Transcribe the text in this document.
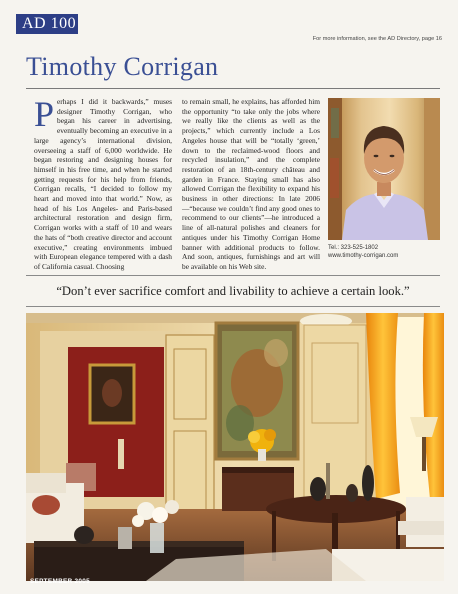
AD 100
For more information, see the AD Directory, page 16
Timothy Corrigan
Perhaps I did it backwards,” muses designer Timothy Corrigan, who began his career in advertising, eventually becoming an executive in a large agency’s international division, overseeing a staff of 6,000 worldwide. He began restoring and designing houses for himself in his free time, and when he started getting requests for his help from friends, Corrigan recalls, “I decided to follow my heart and moved into that world.” Now, as head of his Los Angeles- and Paris-based architectural restoration and design firm, Corrigan works with a staff of 10 and wears the hats of “both creative director and account executive,” creating environments imbued with European elegance tempered with a dash of California casual. Choosing
to remain small, he explains, has afforded him the opportunity “to take only the jobs where we really like the clients as well as the projects,” which currently include a Los Angeles house that will be “totally ‘green,’ down to the reclaimed-wood floors and recycled insulation,” and the complete restoration of an 18th-century château and garden in France. Staying small has also allowed Corrigan the flexibility to expand his business in other directions: In late 2006 —“because we couldn’t find any good ones to recommend to our clients”—he introduced a line of all-natural polishes and cleaners for antiques under his Timothy Corrigan Home banner with additional products to follow. And soon, antiques, furnishings and art will be available on his Web site.
Tel.: 323-525-1802
www.timothy-corrigan.com
“Don’t ever sacrifice comfort and livability to achieve a certain look.”
SEPTEMBER 2005
